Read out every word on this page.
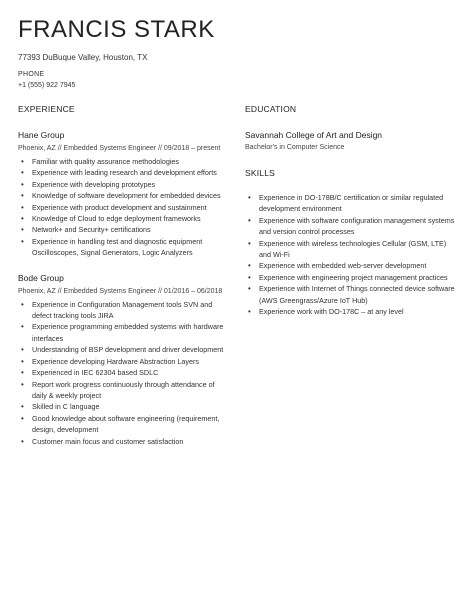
FRANCIS STARK
77393 DuBuque Valley, Houston, TX
PHONE
+1 (555) 922 7945
EXPERIENCE
Hane Group
Phoenix, AZ // Embedded Systems Engineer // 09/2018 – present
• Familiar with quality assurance methodologies
• Experience with leading research and development efforts
• Experience with developing prototypes
• Knowledge of software development for embedded devices
• Experience with product development and sustainment
• Knowledge of Cloud to edge deployment frameworks
• Network+ and Security+ certifications
• Experience in handling test and diagnostic equipment Oscilloscopes, Signal Generators, Logic Analyzers
Bode Group
Phoenix, AZ // Embedded Systems Engineer // 01/2016 – 06/2018
• Experience in Configuration Management tools SVN and defect tracking tools JIRA
• Experience programming embedded systems with hardware interfaces
• Understanding of BSP development and driver development
• Experience developing Hardware Abstraction Layers
• Experienced in IEC 62304 based SDLC
• Report work progress continuously through attendance of daily & weekly project
• Skilled in C language
• Good knowledge about software engineering (requirement, design, development
• Customer main focus and customer satisfaction
EDUCATION
Savannah College of Art and Design
Bachelor's in Computer Science
SKILLS
• Experience in DO-178B/C certification or similar regulated development environment
• Experience with software configuration management systems and version control processes
• Experience with wireless technologies Cellular (GSM, LTE) and Wi-Fi
• Experience with embedded web-server development
• Experience with engineering project management practices
• Experience with Internet of Things connected device software (AWS Greengrass/Azure IoT Hub)
• Experience work with DO-178C – at any level
